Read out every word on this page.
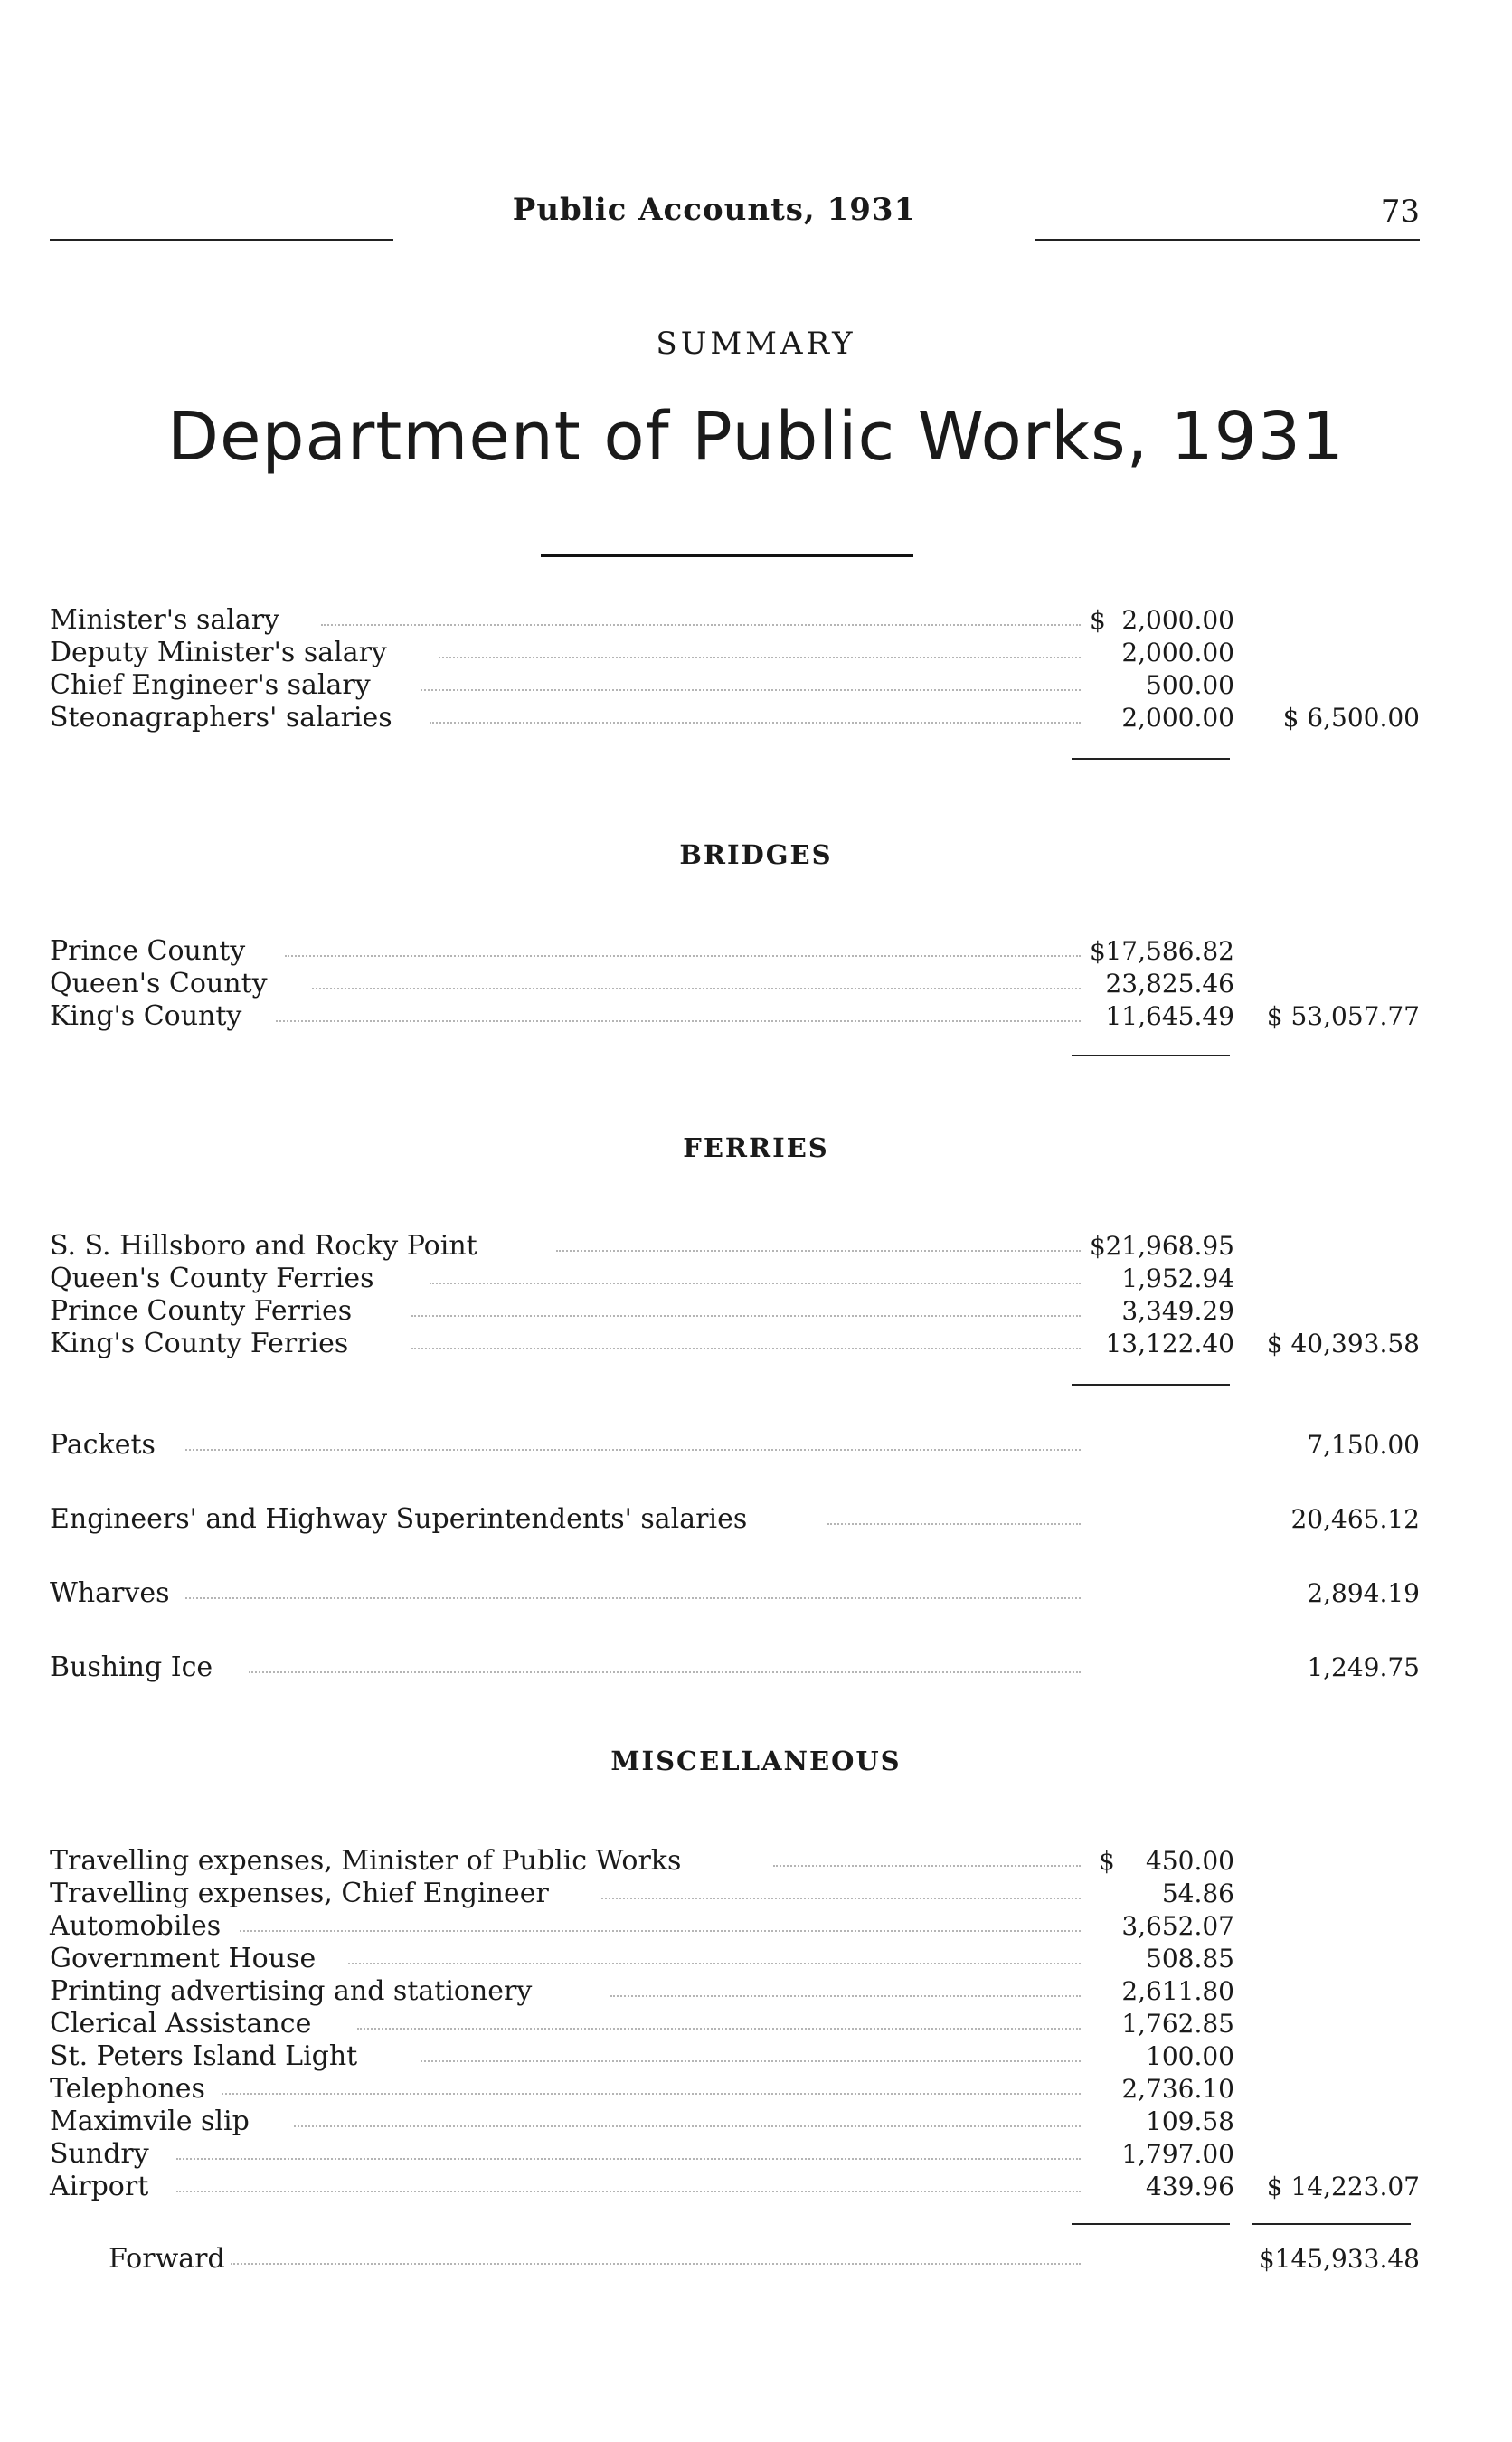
Public Accounts, 1931	73
SUMMARY
Department of Public Works, 1931
Minister's salary	$ 2,000.00
Deputy Minister's salary	2,000.00
Chief Engineer's salary	500.00
Steonagraphers' salaries	2,000.00 $ 6,500.00
BRIDGES
Prince County	$ 17,586.82
Queen's County	23,825.46
King's County	11,645.49 $ 53,057.77
FERRIES
S. S. Hillsboro and Rocky Point	$ 21,968.95
Queen's County Ferries	1,952.94
Prince County Ferries	3,349.29
King's County Ferries	13,122.40 $ 40,393.58
Packets	7,150.00
Engineers' and Highway Superintendents' salaries	20,465.12
Wharves	2,894.19
Bushing Ice	1,249.75
MISCELLANEOUS
Travelling expenses, Minister of Public Works	$ 450.00
Travelling expenses, Chief Engineer	54.86
Automobiles	3,652.07
Government House	508.85
Printing advertising and stationery	2,611.80
Clerical Assistance	1,762.85
St. Peters Island Light	100.00
Telephones	2,736.10
Maximvile slip	109.58
Sundry	1,797.00
Airport	439.96 $ 14,223.07
Forward	$145,933.48
